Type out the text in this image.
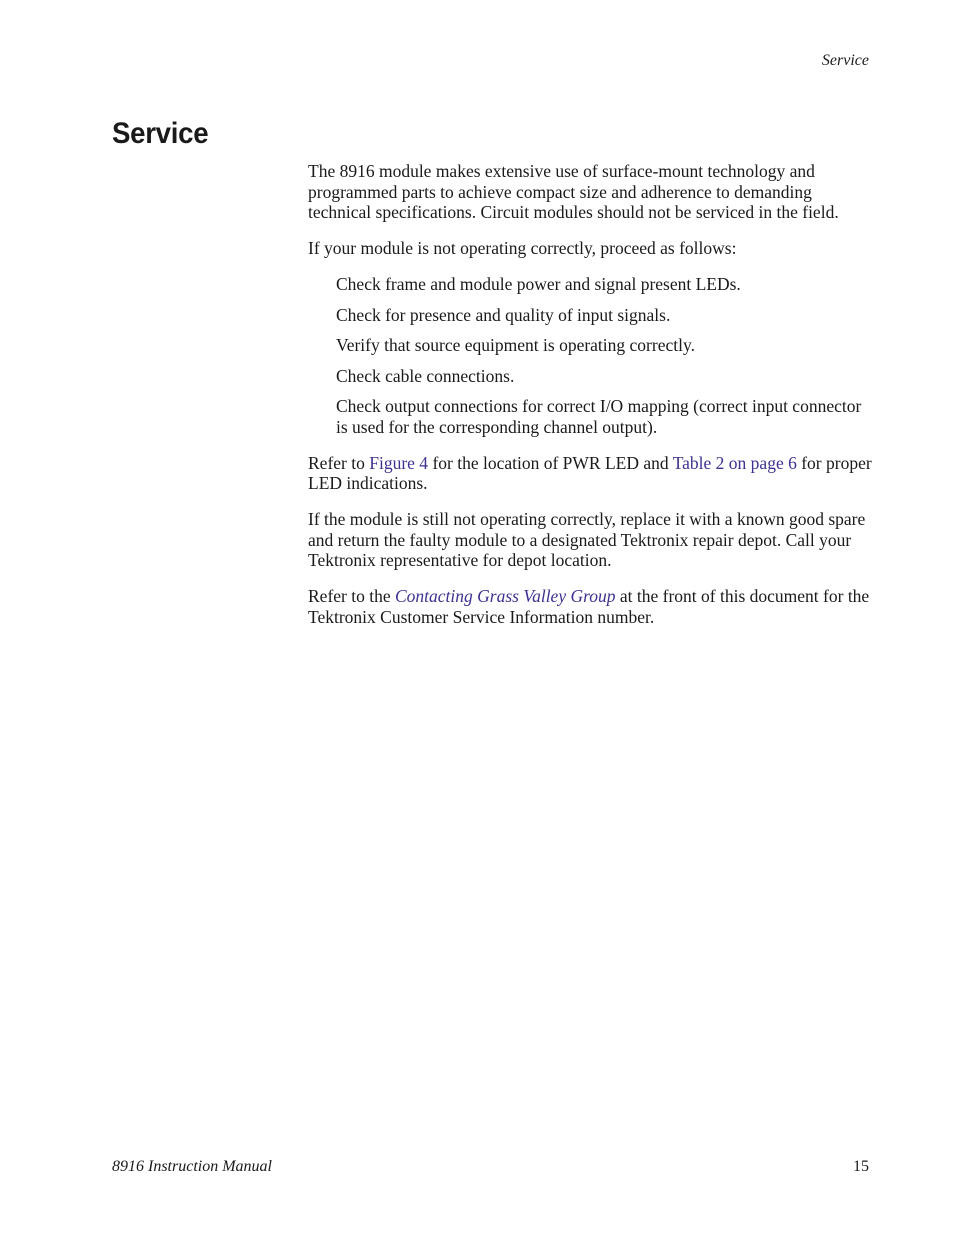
Service
Service

The 8916 module makes extensive use of surface-mount technology and programmed parts to achieve compact size and adherence to demanding technical specifications. Circuit modules should not be serviced in the field.

If your module is not operating correctly, proceed as follows:

Check frame and module power and signal present LEDs.
Check for presence and quality of input signals.
Verify that source equipment is operating correctly.
Check cable connections.
Check output connections for correct I/O mapping (correct input connector is used for the corresponding channel output).

Refer to Figure 4 for the location of PWR LED and Table 2 on page 6 for proper LED indications.

If the module is still not operating correctly, replace it with a known good spare and return the faulty module to a designated Tektronix repair depot. Call your Tektronix representative for depot location.

Refer to the Contacting Grass Valley Group at the front of this document for the Tektronix Customer Service Information number.

8916 Instruction Manual	15
